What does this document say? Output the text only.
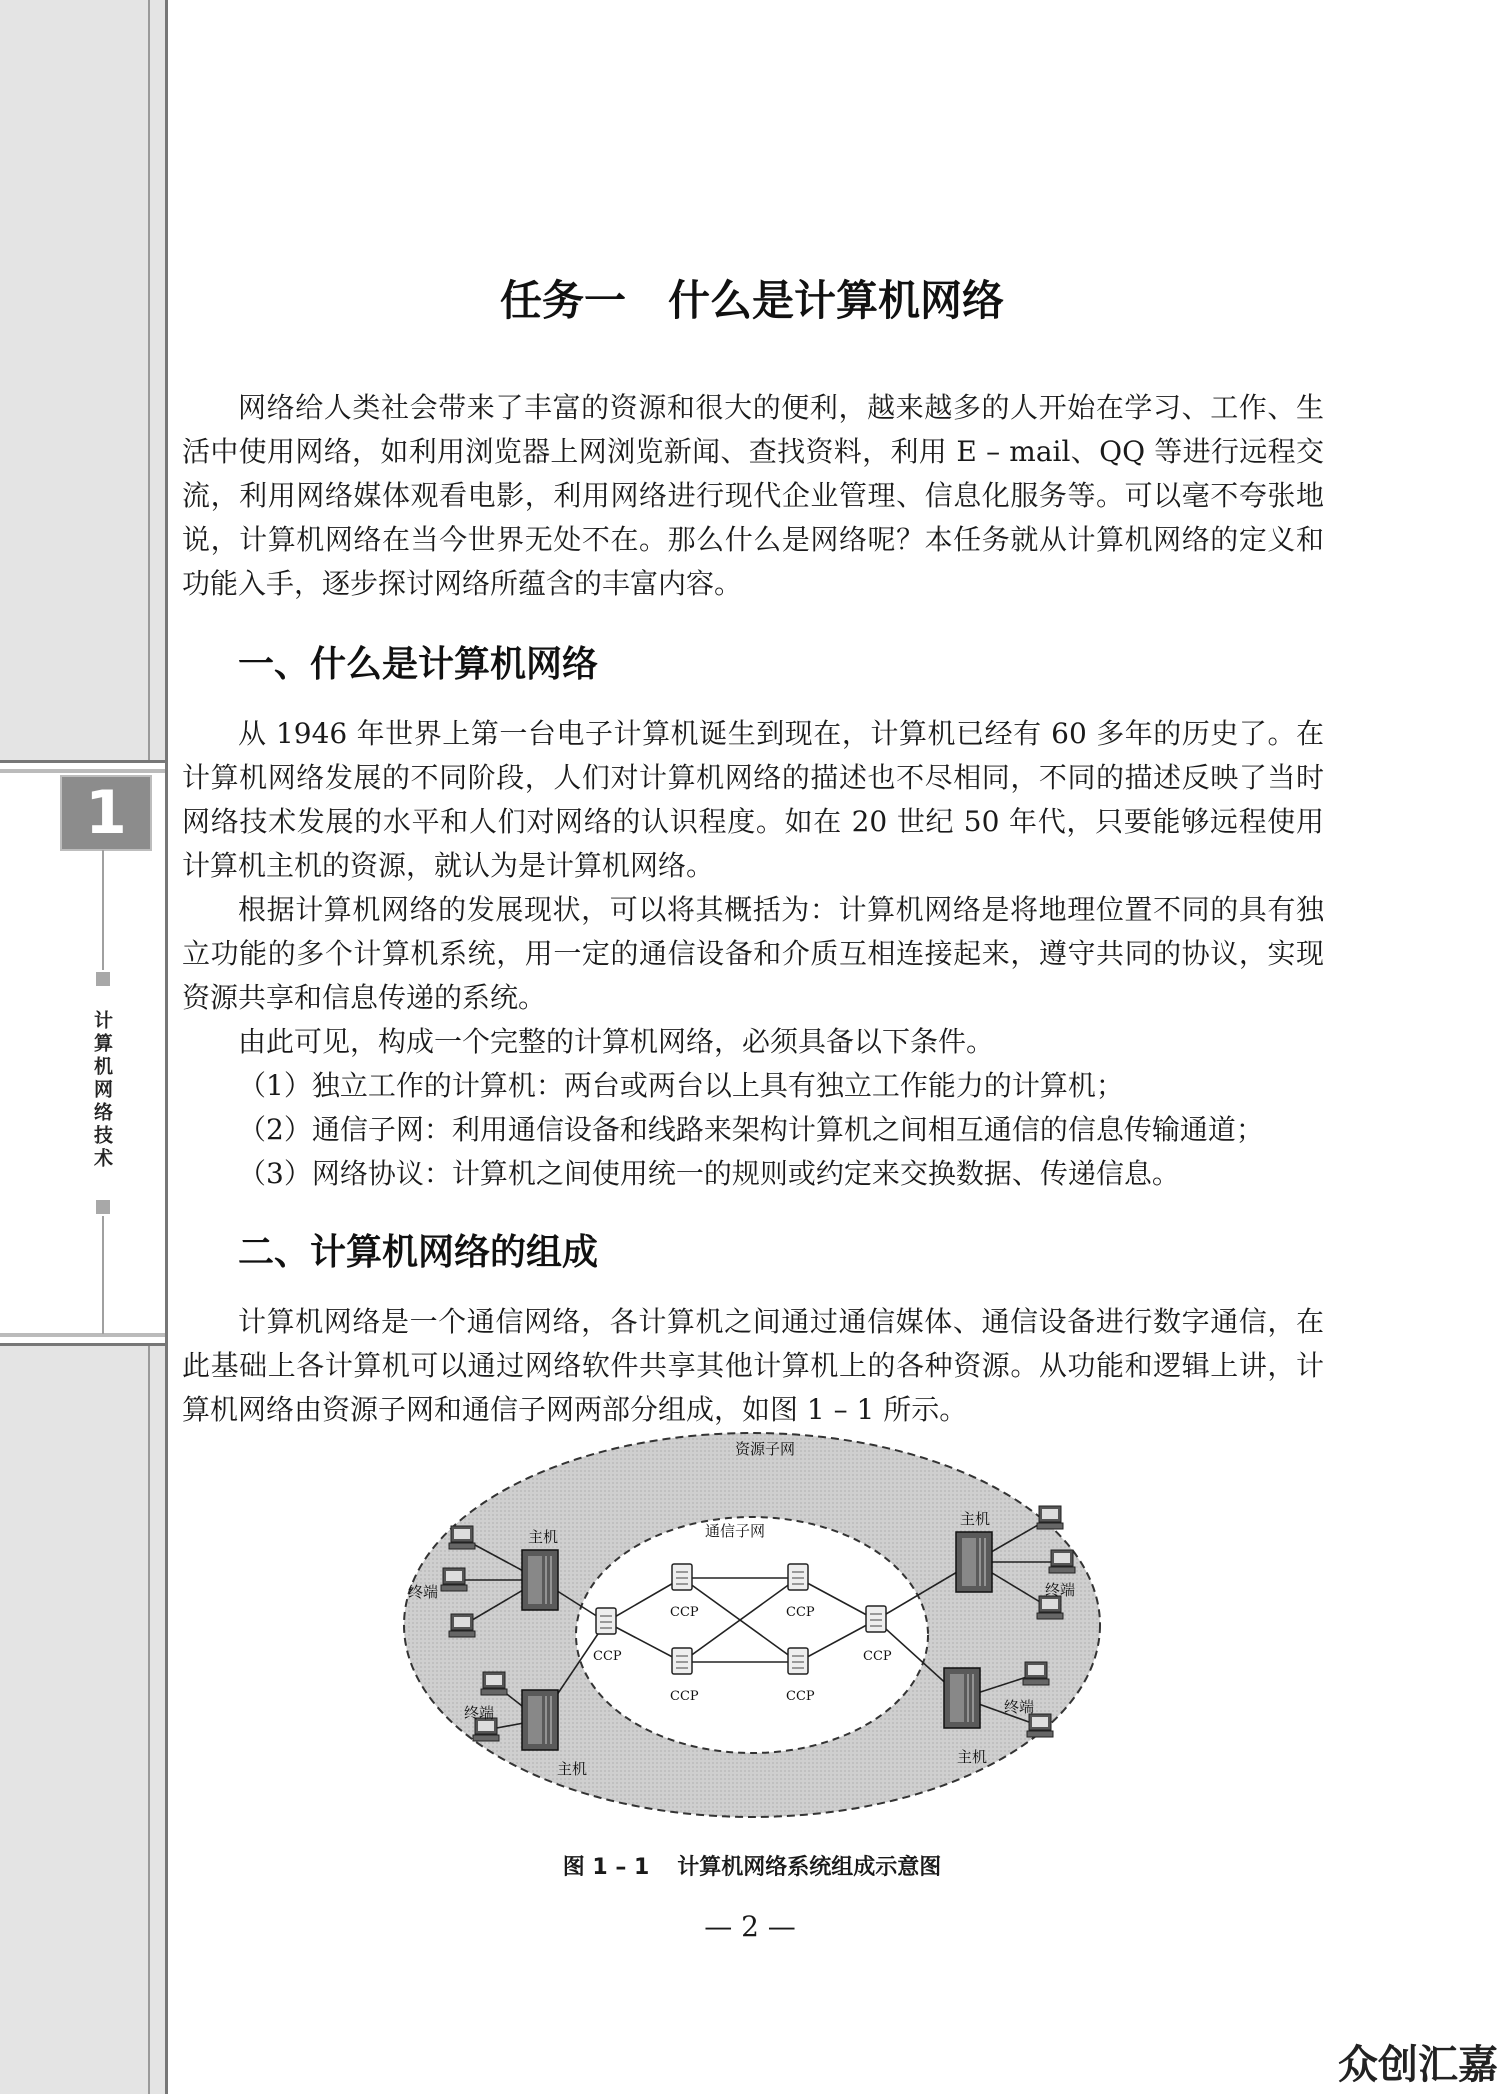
1
计算机网络技术
任务一　什么是计算机网络

网络给人类社会带来了丰富的资源和很大的便利，越来越多的人开始在学习、工作、生活中使用网络，如利用浏览器上网浏览新闻、查找资料，利用 E – mail、QQ 等进行远程交流，利用网络媒体观看电影，利用网络进行现代企业管理、信息化服务等。可以毫不夸张地说，计算机网络在当今世界无处不在。那么什么是网络呢？本任务就从计算机网络的定义和功能入手，逐步探讨网络所蕴含的丰富内容。

一、什么是计算机网络

从 1946 年世界上第一台电子计算机诞生到现在，计算机已经有 60 多年的历史了。在计算机网络发展的不同阶段，人们对计算机网络的描述也不尽相同，不同的描述反映了当时网络技术发展的水平和人们对网络的认识程度。如在 20 世纪 50 年代，只要能够远程使用计算机主机的资源，就认为是计算机网络。

根据计算机网络的发展现状，可以将其概括为：计算机网络是将地理位置不同的具有独立功能的多个计算机系统，用一定的通信设备和介质互相连接起来，遵守共同的协议，实现资源共享和信息传递的系统。

由此可见，构成一个完整的计算机网络，必须具备以下条件。

（1）独立工作的计算机：两台或两台以上具有独立工作能力的计算机；

（2）通信子网：利用通信设备和线路来架构计算机之间相互通信的信息传输通道；

（3）网络协议：计算机之间使用统一的规则或约定来交换数据、传递信息。

二、计算机网络的组成

计算机网络是一个通信网络，各计算机之间通过通信媒体、通信设备进行数字通信，在此基础上各计算机可以通过网络软件共享其他计算机上的各种资源。从功能和逻辑上讲，计算机网络由资源子网和通信子网两部分组成，如图 1 – 1 所示。

资源子网
通信子网
主机
主机
主机
主机
终端	终端
终端	终端
CCP
CCP	CCP
CCP	CCP
CCP
图 1 – 1 计算机网络系统组成示意图
— 2 —
众创汇嘉
